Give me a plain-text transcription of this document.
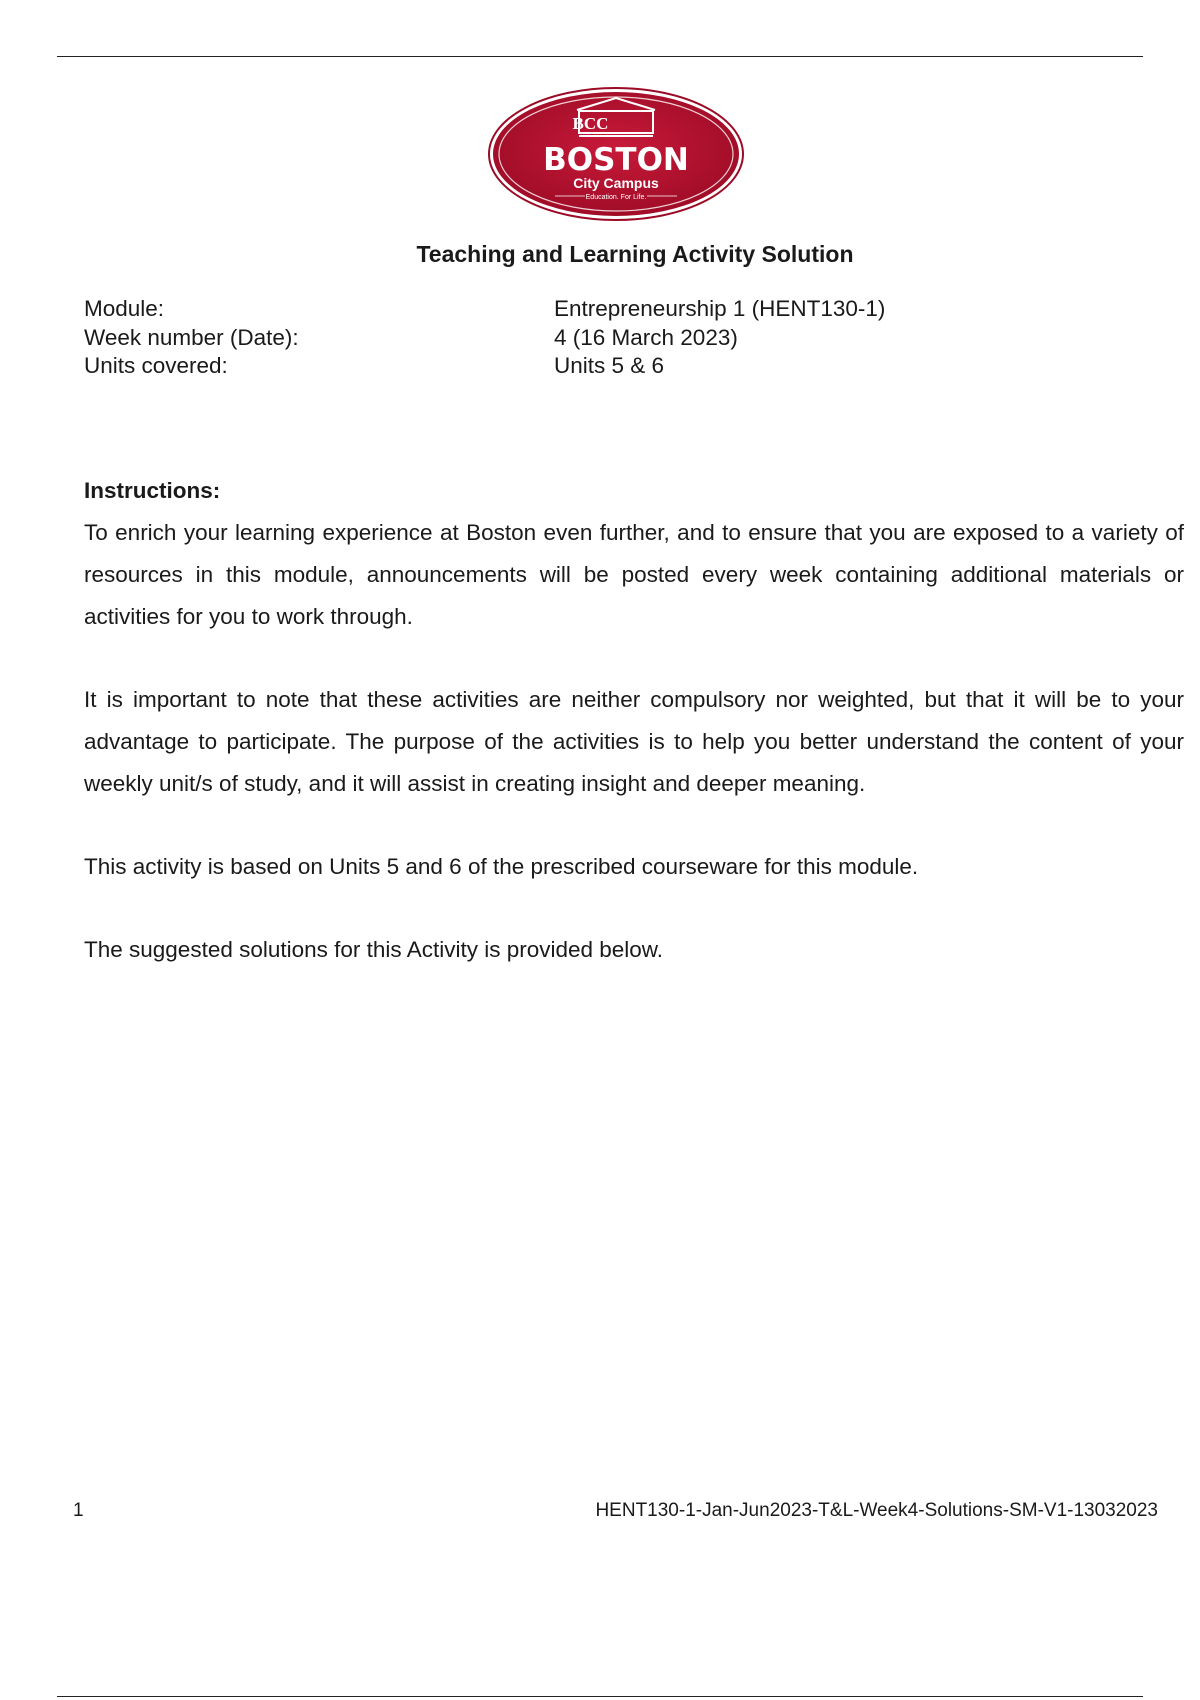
BCC
BOSTON
City Campus
Education. For Life.
Teaching and Learning Activity Solution
Module:	Entrepreneurship 1 (HENT130-1)
Week number (Date):	4 (16 March 2023)
Units covered:	Units 5 & 6
Instructions:

To enrich your learning experience at Boston even further, and to ensure that you are exposed to a variety of resources in this module, announcements will be posted every week containing additional materials or activities for you to work through.

It is important to note that these activities are neither compulsory nor weighted, but that it will be to your advantage to participate. The purpose of the activities is to help you better understand the content of your weekly unit/s of study, and it will assist in creating insight and deeper meaning.

This activity is based on Units 5 and 6 of the prescribed courseware for this module.

The suggested solutions for this Activity is provided below.

1	HENT130-1-Jan-Jun2023-T&L-Week4-Solutions-SM-V1-13032023
